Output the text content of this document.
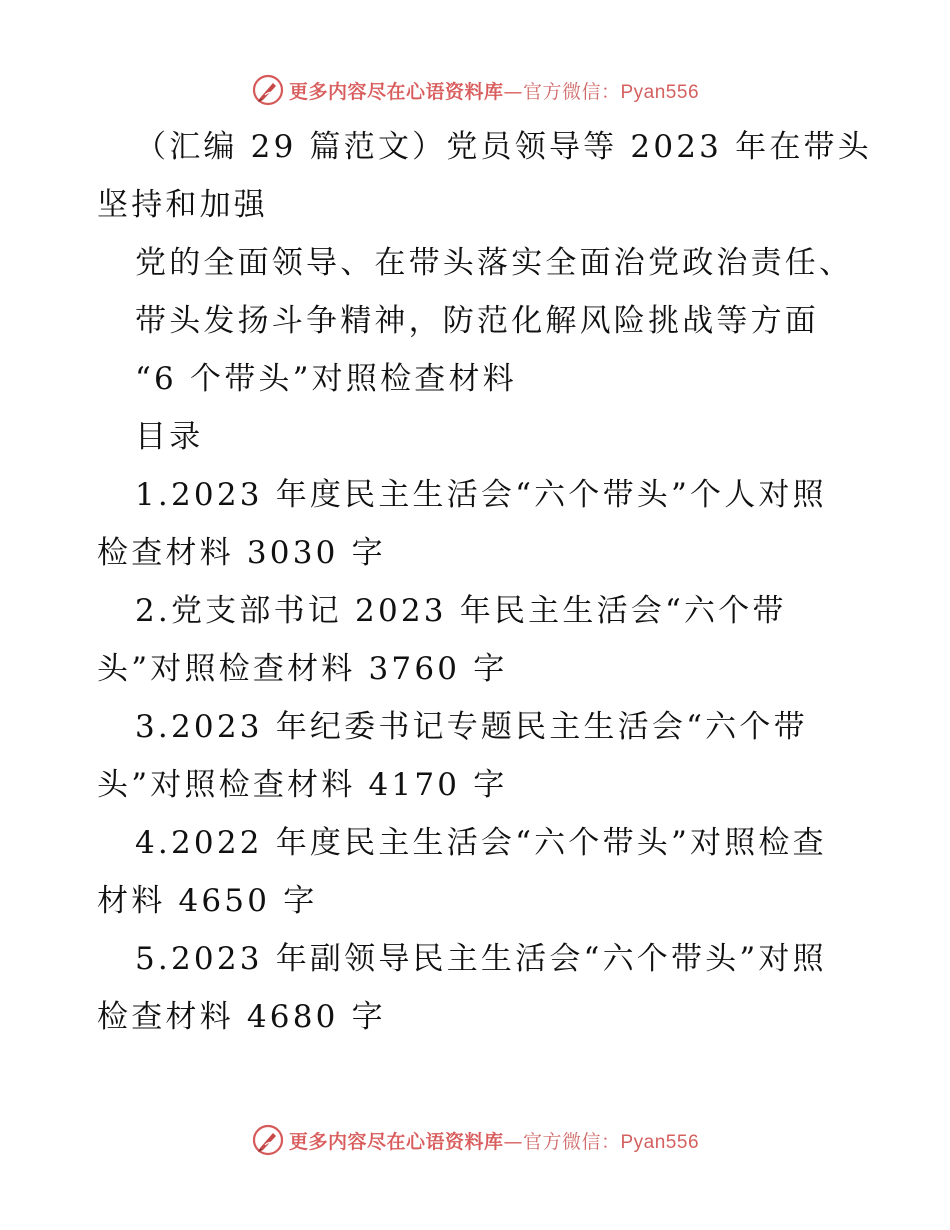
更多内容尽在心语资料库—官方微信：Pyan556
（汇编 29 篇范文）党员领导等 2023 年在带头
坚持和加强
党的全面领导、在带头落实全面治党政治责任、
带头发扬斗争精神，防范化解风险挑战等方面
“6 个带头”对照检查材料
目录
1.2023 年度民主生活会“六个带头”个人对照
检查材料 3030 字
2.党支部书记 2023 年民主生活会“六个带
头”对照检查材料 3760 字
3.2023 年纪委书记专题民主生活会“六个带
头”对照检查材料 4170 字
4.2022 年度民主生活会“六个带头”对照检查
材料 4650 字
5.2023 年副领导民主生活会“六个带头”对照
检查材料 4680 字
更多内容尽在心语资料库—官方微信：Pyan556
